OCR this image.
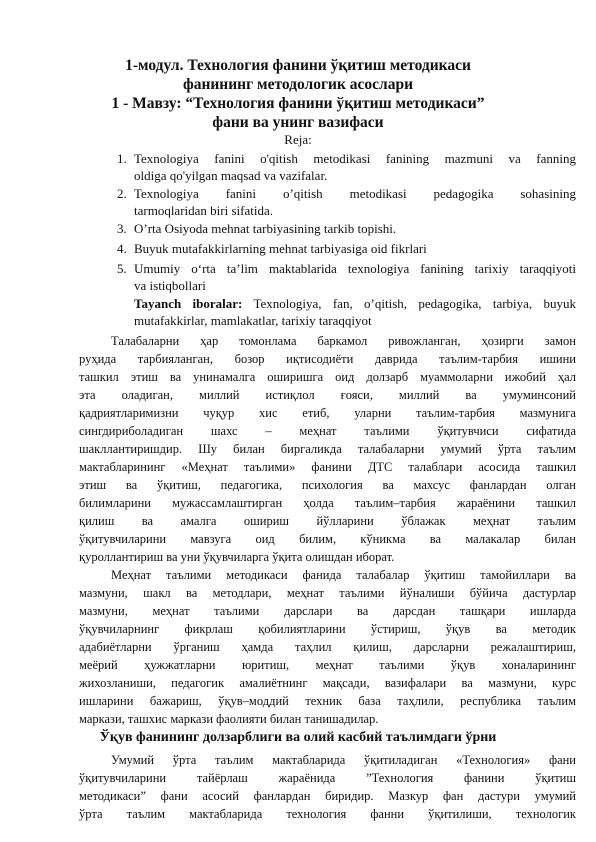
1-модул. Технология фанини ўқитиш методикаси
фанининг методологик асослари
1 - Мавзу: “Технология фанини ўқитиш методикаси”
фани ва унинг вазифаси
Reja:
1. Texnologiya fanini o'qitish metodikasi fanining mazmuni va fanning
oldiga qo'yilgan maqsad va vazifalar.
2. Texnologiya fanini o’qitish metodikasi pedagogika sohasining
tarmoqlaridan biri sifatida.
3. O’rta Osiyoda mehnat tarbiyasining tarkib topishi.
4. Buyuk mutafakkirlarning mehnat tarbiyasiga oid fikrlari
5. Umumiy o‘rta ta’lim maktablarida texnologiya fanining tarixiy taraqqiyoti
va istiqbollari
Tayanch iboralar: Texnologiya, fan, o’qitish, pedagogika, tarbiya, buyuk
mutafakkirlar, mamlakatlar, tarixiy taraqqiyot
Талабаларни ҳар томонлама баркамол ривожланган, ҳозирги замон
руҳида тарбияланган, бозор иқтисодиёти даврида таълим-тарбия ишини
ташкил этиш ва унинамалга оширишга оид долзарб муаммоларни ижобий ҳал
эта оладиган, миллий истиқлол ғояси, миллий ва умуминсоний
қадриятларимизни чуқур хис етиб, уларни таълим-тарбия мазмунига
сингдириболадиган шахс – меҳнат таълими ўқитувчиси сифатида
шакллантиришдир. Шу билан биргаликда талабаларни умумий ўрта таълим
мактабларининг «Меҳнат таълими» фанини ДТС талаблари асосида ташкил
этиш ва ўқитиш, педагогика, психология ва махсус фанлардан олган
билимларини мужассамлаштирган ҳолда таълим–тарбия жараёнини ташкил
қилиш ва амалга ошириш йўлларини ўблажак меҳнат таълим
ўқитувчиларини мавзуга оид билим, кўникма ва малакалар билан
қуроллантириш ва уни ўқувчиларга ўқита олишдан иборат.
Меҳнат таълими методикаси фанида талабалар ўқитиш тамойиллари ва
мазмуни, шакл ва методлари, меҳнат таълими йўналиши бўйича дастурлар
мазмуни, меҳнат таълими дарслари ва дарсдан ташқари ишларда
ўқувчиларнинг фикрлаш қобилиятларини ўстириш, ўқув ва методик
адабиётларни ўрганиш ҳамда таҳлил қилиш, дарсларни режалаштириш,
меёрий ҳужжатларни юритиш, меҳнат таълими ўқув хоналарининг
жихозланиши, педагогик амалиётнинг мақсади, вазифалари ва мазмуни, курс
ишларини бажариш, ўқув–моддий техник база таҳлили, республика таълим
маркази, ташхис маркази фаолияти билан танишадилар.
Ўқув фанининг долзарблиги ва олий касбий таълимдаги ўрни
Умумий ўрта таълим мактабларида ўқитиладиган «Технология» фани
ўқитувчиларини тайёрлаш жараёнида ”Технология фанини ўқитиш
методикаси” фани асосий фанлардан биридир. Мазкур фан дастури умумий
ўрта таълим мактабларида технология фанни ўқитилиши, технологик
